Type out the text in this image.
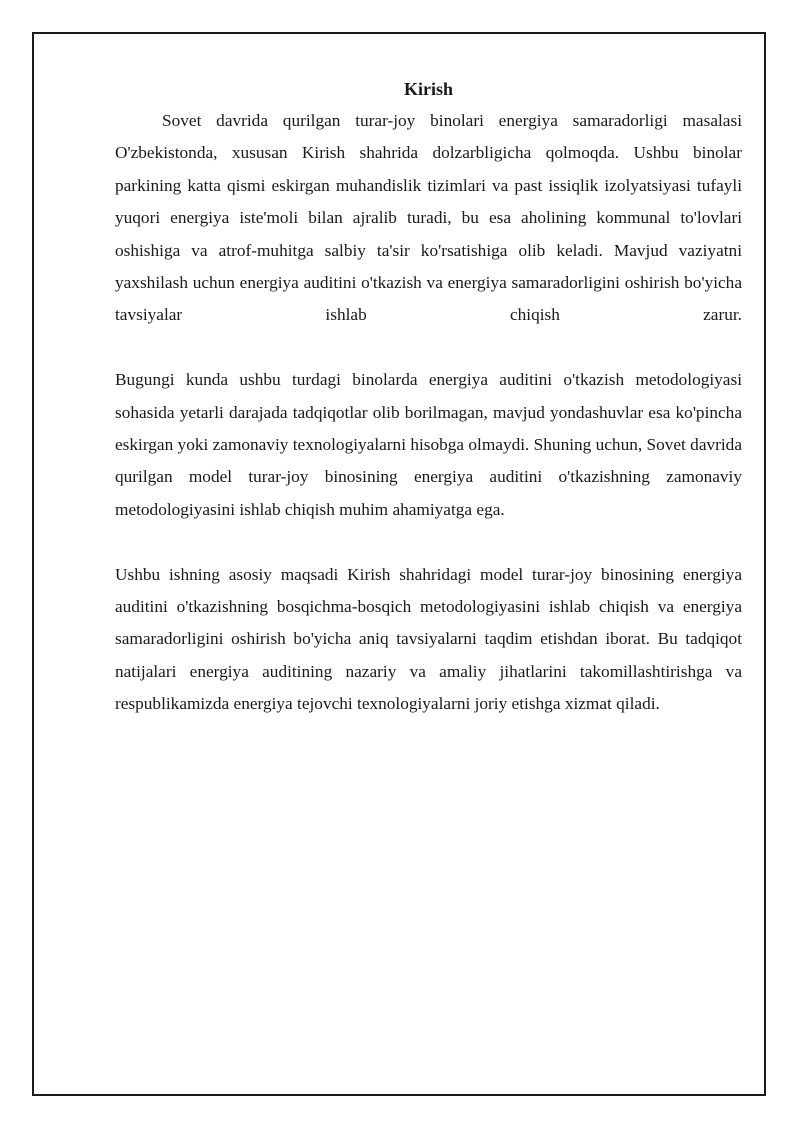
Kirish

Sovet davrida qurilgan turar-joy binolari energiya samaradorligi masalasi O'zbekistonda, xususan Kirish shahrida dolzarbligicha qolmoqda. Ushbu binolar parkining katta qismi eskirgan muhandislik tizimlari va past issiqlik izolyatsiyasi tufayli yuqori energiya iste'moli bilan ajralib turadi, bu esa aholining kommunal to'lovlari oshishiga va atrof-muhitga salbiy ta'sir ko'rsatishiga olib keladi. Mavjud vaziyatni yaxshilash uchun energiya auditini o'tkazish va energiya samaradorligini oshirish bo'yicha tavsiyalar ishlab chiqish zarur.

Bugungi kunda ushbu turdagi binolarda energiya auditini o'tkazish metodologiyasi sohasida yetarli darajada tadqiqotlar olib borilmagan, mavjud yondashuvlar esa ko'pincha eskirgan yoki zamonaviy texnologiyalarni hisobga olmaydi. Shuning uchun, Sovet davrida qurilgan model turar-joy binosining energiya auditini o'tkazishning zamonaviy metodologiyasini ishlab chiqish muhim ahamiyatga ega.

Ushbu ishning asosiy maqsadi Kirish shahridagi model turar-joy binosining energiya auditini o'tkazishning bosqichma-bosqich metodologiyasini ishlab chiqish va energiya samaradorligini oshirish bo'yicha aniq tavsiyalarni taqdim etishdan iborat. Bu tadqiqot natijalari energiya auditining nazariy va amaliy jihatlarini takomillashtirishga va respublikamizda energiya tejovchi texnologiyalarni joriy etishga xizmat qiladi.
